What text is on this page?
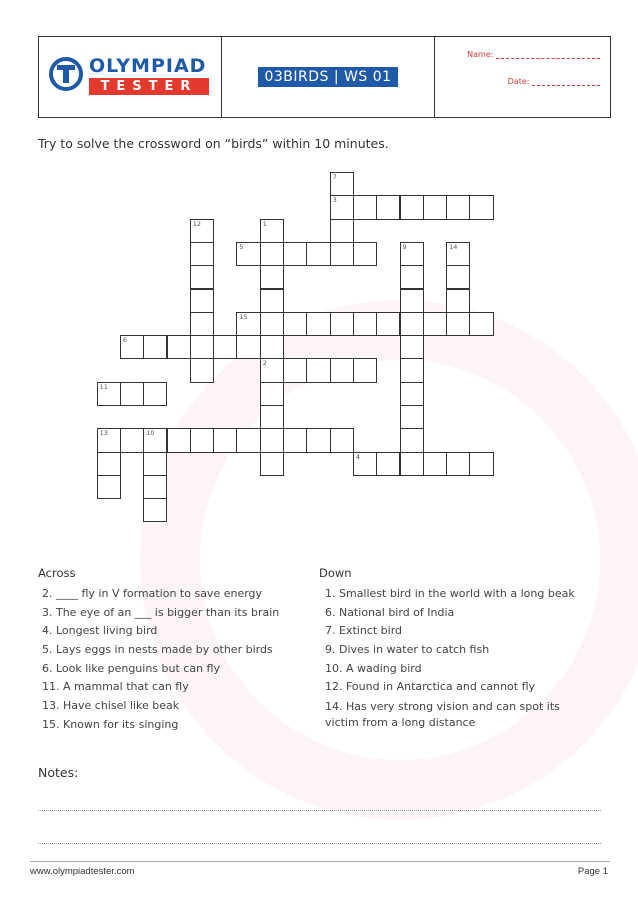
OLYMPIAD
TESTER
03BIRDS | WS 01
Name:
Date:
Try to solve the crossword on “birds” within 10 minutes.
3
5
15
6
2
11
13	10
4
7
12	1
9	14
Across
2. ____ fly in V formation to save energy
3. The eye of an ___ is bigger than its brain
4. Longest living bird
5. Lays eggs in nests made by other birds
6. Look like penguins but can fly
11. A mammal that can fly
13. Have chisel like beak
15. Known for its singing
Down
1. Smallest bird in the world with a long beak
6. National bird of India
7. Extinct bird
9. Dives in water to catch fish
10. A wading bird
12. Found in Antarctica and cannot fly
14. Has very strong vision and can spot its victim from a long distance
Notes:
www.olympiadtester.com	Page 1
